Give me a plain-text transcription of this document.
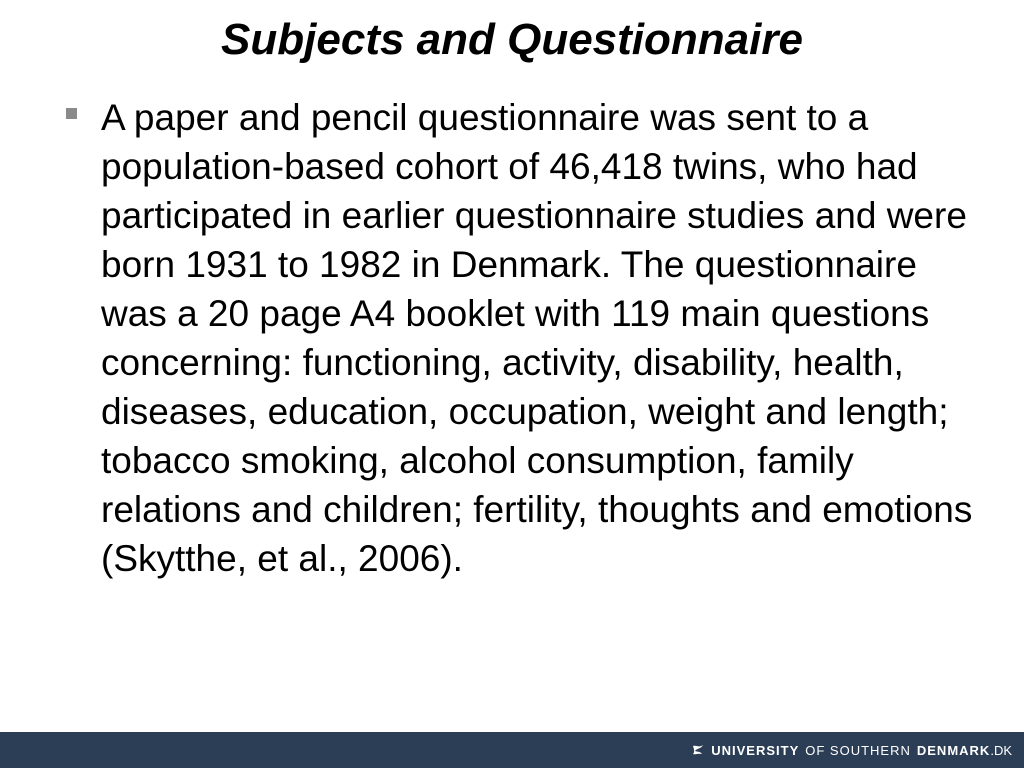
Subjects and Questionnaire
A paper and pencil questionnaire was sent to a population-based cohort of 46,418 twins, who had participated in earlier questionnaire studies and were born 1931 to 1982 in Denmark. The questionnaire was a 20 page A4 booklet with 119 main questions concerning: functioning, activity, disability, health, diseases, education, occupation, weight and length; tobacco smoking, alcohol consumption, family relations and children; fertility, thoughts and emotions (Skytthe, et al., 2006).
UNIVERSITY OF SOUTHERN DENMARK .DK
